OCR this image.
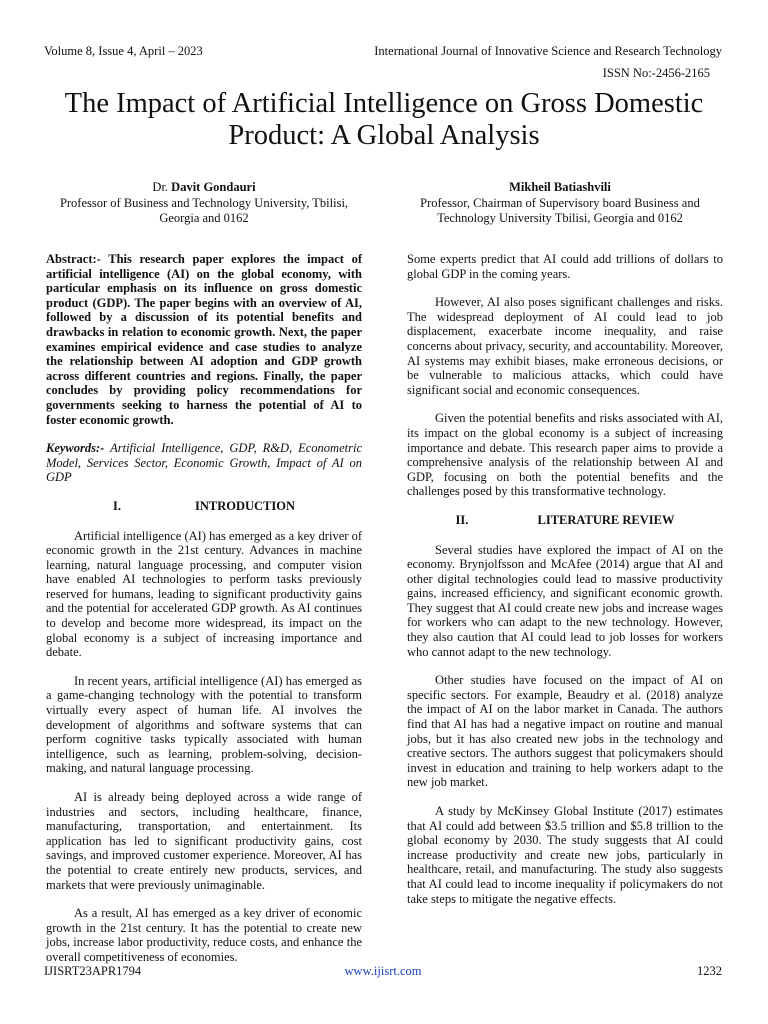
Volume 8, Issue 4, April – 2023	International Journal of Innovative Science and Research Technology
ISSN No:-2456-2165
The Impact of Artificial Intelligence on Gross Domestic Product: A Global Analysis
Dr. Davit Gondauri
Professor of Business and Technology University, Tbilisi, Georgia and 0162
Mikheil Batiashvili
Professor, Chairman of Supervisory board Business and Technology University Tbilisi, Georgia and 0162

Abstract:- This research paper explores the impact of artificial intelligence (AI) on the global economy, with particular emphasis on its influence on gross domestic product (GDP). The paper begins with an overview of AI, followed by a discussion of its potential benefits and drawbacks in relation to economic growth. Next, the paper examines empirical evidence and case studies to analyze the relationship between AI adoption and GDP growth across different countries and regions. Finally, the paper concludes by providing policy recommendations for governments seeking to harness the potential of AI to foster economic growth.

Keywords:- Artificial Intelligence, GDP, R&D, Econometric Model, Services Sector, Economic Growth, Impact of AI on GDP

I.	INTRODUCTION

Artificial intelligence (AI) has emerged as a key driver of economic growth in the 21st century. Advances in machine learning, natural language processing, and computer vision have enabled AI technologies to perform tasks previously reserved for humans, leading to significant productivity gains and the potential for accelerated GDP growth. As AI continues to develop and become more widespread, its impact on the global economy is a subject of increasing importance and debate.

In recent years, artificial intelligence (AI) has emerged as a game-changing technology with the potential to transform virtually every aspect of human life. AI involves the development of algorithms and software systems that can perform cognitive tasks typically associated with human intelligence, such as learning, problem-solving, decision-making, and natural language processing.

AI is already being deployed across a wide range of industries and sectors, including healthcare, finance, manufacturing, transportation, and entertainment. Its application has led to significant productivity gains, cost savings, and improved customer experience. Moreover, AI has the potential to create entirely new products, services, and markets that were previously unimaginable.

As a result, AI has emerged as a key driver of economic growth in the 21st century. It has the potential to create new jobs, increase labor productivity, reduce costs, and enhance the overall competitiveness of economies.

Some experts predict that AI could add trillions of dollars to global GDP in the coming years.

However, AI also poses significant challenges and risks. The widespread deployment of AI could lead to job displacement, exacerbate income inequality, and raise concerns about privacy, security, and accountability. Moreover, AI systems may exhibit biases, make erroneous decisions, or be vulnerable to malicious attacks, which could have significant social and economic consequences.

Given the potential benefits and risks associated with AI, its impact on the global economy is a subject of increasing importance and debate. This research paper aims to provide a comprehensive analysis of the relationship between AI and GDP, focusing on both the potential benefits and the challenges posed by this transformative technology.

II.	LITERATURE REVIEW

Several studies have explored the impact of AI on the economy. Brynjolfsson and McAfee (2014) argue that AI and other digital technologies could lead to massive productivity gains, increased efficiency, and significant economic growth. They suggest that AI could create new jobs and increase wages for workers who can adapt to the new technology. However, they also caution that AI could lead to job losses for workers who cannot adapt to the new technology.

Other studies have focused on the impact of AI on specific sectors. For example, Beaudry et al. (2018) analyze the impact of AI on the labor market in Canada. The authors find that AI has had a negative impact on routine and manual jobs, but it has also created new jobs in the technology and creative sectors. The authors suggest that policymakers should invest in education and training to help workers adapt to the new job market.

A study by McKinsey Global Institute (2017) estimates that AI could add between $3.5 trillion and $5.8 trillion to the global economy by 2030. The study suggests that AI could increase productivity and create new jobs, particularly in healthcare, retail, and manufacturing. The study also suggests that AI could lead to income inequality if policymakers do not take steps to mitigate the negative effects.

IJISRT23APR1794	www.ijisrt.com	1232
